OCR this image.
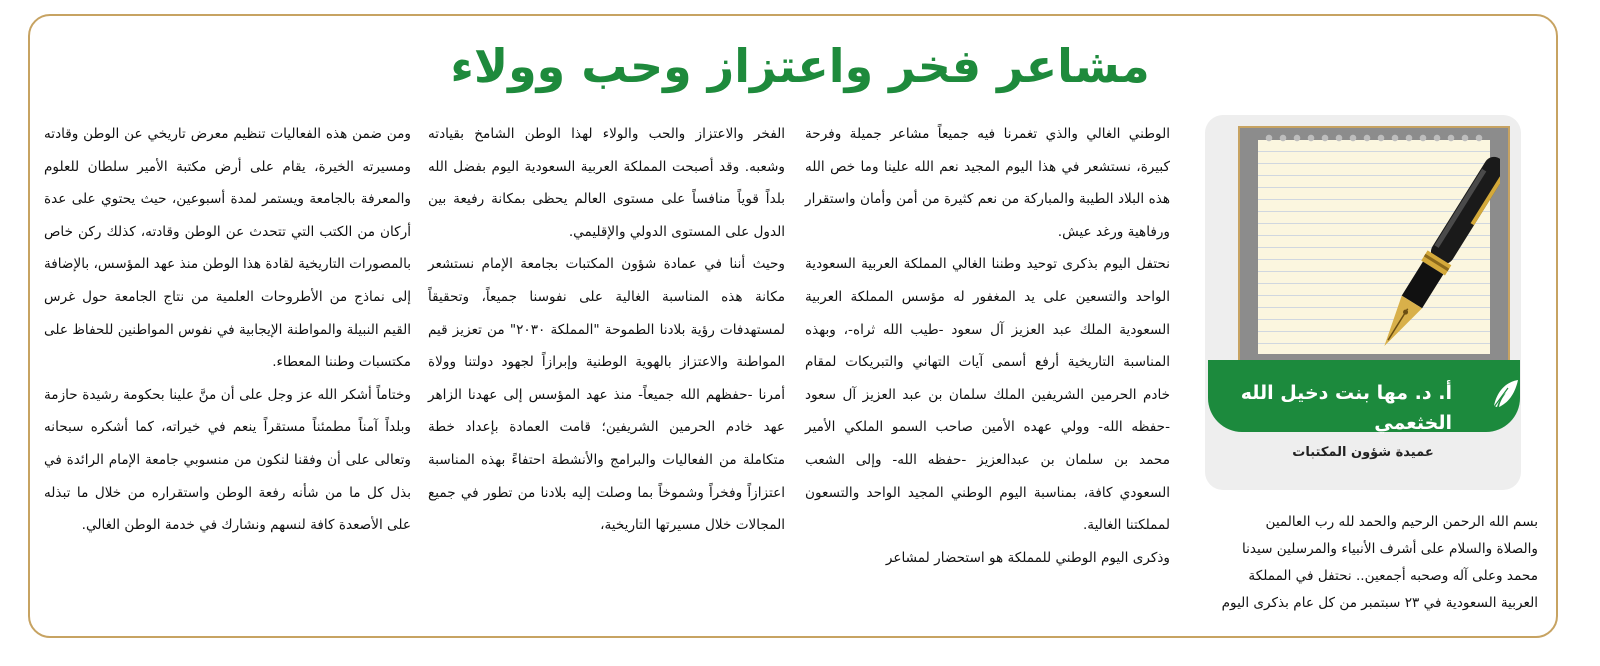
مشاعر فخر واعتزاز وحب وولاء

الوطني الغالي والذي تغمرنا فيه جميعاً مشاعر جميلة وفرحة كبيرة، نستشعر في هذا اليوم المجيد نعم الله علينا وما خص الله هذه البلاد الطيبة والمباركة من نعم كثيرة من أمن وأمان واستقرار ورفاهية ورغد عيش.

نحتفل اليوم بذكرى توحيد وطننا الغالي المملكة العربية السعودية الواحد والتسعين على يد المغفور له مؤسس المملكة العربية السعودية الملك عبد العزيز آل سعود -طيب الله ثراه-، وبهذه المناسبة التاريخية أرفع أسمى آيات التهاني والتبريكات لمقام خادم الحرمين الشريفين الملك سلمان بن عبد العزيز آل سعود -حفظه الله- وولي عهده الأمين صاحب السمو الملكي الأمير محمد بن سلمان بن عبدالعزيز -حفظه الله- وإلى الشعب السعودي كافة، بمناسبة اليوم الوطني المجيد الواحد والتسعون لمملكتنا الغالية.

وذكرى اليوم الوطني للمملكة هو استحضار لمشاعر

الفخر والاعتزاز والحب والولاء لهذا الوطن الشامخ بقيادته وشعبه. وقد أصبحت المملكة العربية السعودية اليوم بفضل الله بلداً قوياً منافساً على مستوى العالم يحظى بمكانة رفيعة بين الدول على المستوى الدولي والإقليمي.

وحيث أننا في عمادة شؤون المكتبات بجامعة الإمام نستشعر مكانة هذه المناسبة الغالية على نفوسنا جميعاً، وتحقيقاً لمستهدفات رؤية بلادنا الطموحة "المملكة ٢٠٣٠" من تعزيز قيم المواطنة والاعتزاز بالهوية الوطنية وإبرازاً لجهود دولتنا وولاة أمرنا -حفظهم الله جميعاً- منذ عهد المؤسس إلى عهدنا الزاهر عهد خادم الحرمين الشريفين؛ قامت العمادة بإعداد خطة متكاملة من الفعاليات والبرامج والأنشطة احتفاءً بهذه المناسبة اعتزازاً وفخراً وشموخاً بما وصلت إليه بلادنا من تطور في جميع المجالات خلال مسيرتها التاريخية،

ومن ضمن هذه الفعاليات تنظيم معرض تاريخي عن الوطن وقادته ومسيرته الخيرة، يقام على أرض مكتبة الأمير سلطان للعلوم والمعرفة بالجامعة ويستمر لمدة أسبوعين، حيث يحتوي على عدة أركان من الكتب التي تتحدث عن الوطن وقادته، كذلك ركن خاص بالمصورات التاريخية لقادة هذا الوطن منذ عهد المؤسس، بالإضافة إلى نماذج من الأطروحات العلمية من نتاج الجامعة حول غرس القيم النبيلة والمواطنة الإيجابية في نفوس المواطنين للحفاظ على مكتسبات وطننا المعطاء.

وختاماً أشكر الله عز وجل على أن منَّ علينا بحكومة رشيدة حازمة وبلداً آمناً مطمئناً مستقراً ينعم في خيراته، كما أشكره سبحانه وتعالى على أن وفقنا لنكون من منسوبي جامعة الإمام الرائدة في بذل كل ما من شأنه رفعة الوطن واستقراره من خلال ما تبذله على الأصعدة كافة لنسهم ونشارك في خدمة الوطن الغالي.

أ. د. مها بنت دخيل الله الخثعمي
عميدة شؤون المكتبات

بسم الله الرحمن الرحيم والحمد لله رب العالمين

والصلاة والسلام على أشرف الأنبياء والمرسلين سيدنا

محمد وعلى آله وصحبه أجمعين.. نحتفل في المملكة

العربية السعودية في ٢٣ سبتمبر من كل عام بذكرى اليوم
